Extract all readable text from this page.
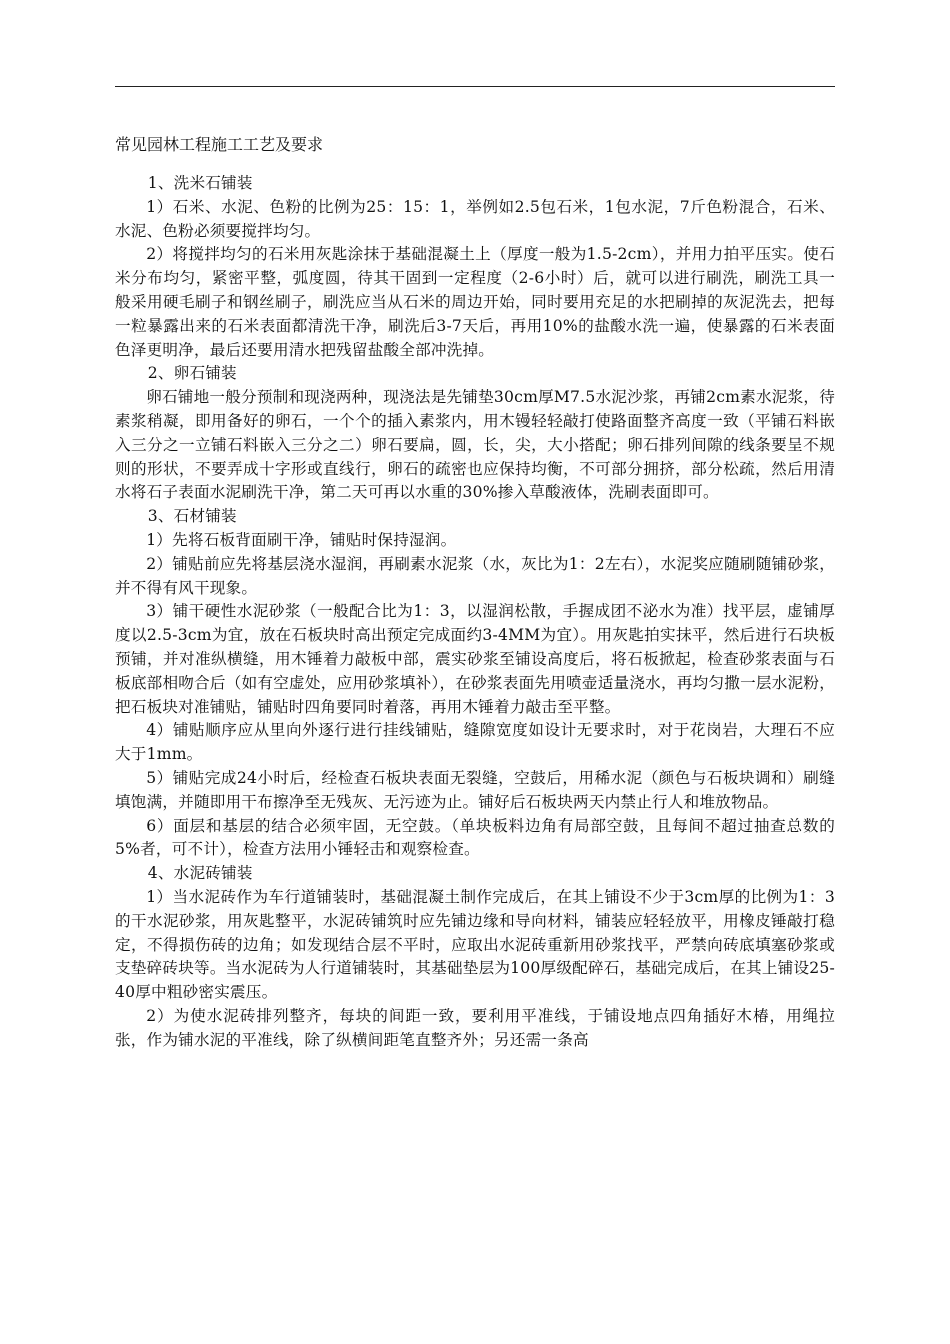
常见园林工程施工工艺及要求

1、洗米石铺装

1）石米、水泥、色粉的比例为25：15：1，举例如2.5包石米，1包水泥，7斤色粉混合，石米、水泥、色粉必须要搅拌均匀。

2）将搅拌均匀的石米用灰匙涂抹于基础混凝土上（厚度一般为1.5-2cm），并用力拍平压实。使石米分布均匀，紧密平整，弧度圆，待其干固到一定程度（2-6小时）后，就可以进行刷洗，刷洗工具一般采用硬毛刷子和钢丝刷子，刷洗应当从石米的周边开始，同时要用充足的水把刷掉的灰泥洗去，把每一粒暴露出来的石米表面都清洗干净，刷洗后3-7天后，再用10%的盐酸水洗一遍，使暴露的石米表面色泽更明净，最后还要用清水把残留盐酸全部冲洗掉。

2、卵石铺装

卵石铺地一般分预制和现浇两种，现浇法是先铺垫30cm厚M7.5水泥沙浆，再铺2cm素水泥浆，待素浆稍凝，即用备好的卵石，一个个的插入素浆内，用木镘轻轻敲打使路面整齐高度一致（平铺石料嵌入三分之一立铺石料嵌入三分之二）卵石要扁，圆，长，尖，大小搭配；卵石排列间隙的线条要呈不规则的形状，不要弄成十字形或直线行，卵石的疏密也应保持均衡，不可部分拥挤，部分松疏，然后用清水将石子表面水泥刷洗干净，第二天可再以水重的30%掺入草酸液体，洗刷表面即可。

3、石材铺装

1）先将石板背面刷干净，铺贴时保持湿润。

2）铺贴前应先将基层浇水湿润，再刷素水泥浆（水，灰比为1：2左右），水泥奖应随刷随铺砂浆，并不得有风干现象。

3）铺干硬性水泥砂浆（一般配合比为1：3，以湿润松散，手握成团不泌水为准）找平层，虚铺厚度以2.5-3cm为宜，放在石板块时高出预定完成面约3-4MM为宜）。用灰匙拍实抹平，然后进行石块板预铺，并对准纵横缝，用木锤着力敲板中部，震实砂浆至铺设高度后，将石板掀起，检查砂浆表面与石板底部相吻合后（如有空虚处，应用砂浆填补），在砂浆表面先用喷壶适量浇水，再均匀撒一层水泥粉，把石板块对准铺贴，铺贴时四角要同时着落，再用木锤着力敲击至平整。

4）铺贴顺序应从里向外逐行进行挂线铺贴，缝隙宽度如设计无要求时，对于花岗岩，大理石不应大于1mm。

5）铺贴完成24小时后，经检查石板块表面无裂缝，空鼓后，用稀水泥（颜色与石板块调和）刷缝填饱满，并随即用干布擦净至无残灰、无污迹为止。铺好后石板块两天内禁止行人和堆放物品。

6）面层和基层的结合必须牢固，无空鼓。（单块板料边角有局部空鼓，且每间不超过抽查总数的5%者，可不计），检查方法用小锤轻击和观察检查。

4、水泥砖铺装

1）当水泥砖作为车行道铺装时，基础混凝土制作完成后，在其上铺设不少于3cm厚的比例为1：3的干水泥砂浆，用灰匙整平，水泥砖铺筑时应先铺边缘和导向材料，铺装应轻轻放平，用橡皮锤敲打稳定，不得损伤砖的边角；如发现结合层不平时，应取出水泥砖重新用砂浆找平，严禁向砖底填塞砂浆或支垫碎砖块等。当水泥砖为人行道铺装时，其基础垫层为100厚级配碎石，基础完成后，在其上铺设25-40厚中粗砂密实震压。

2）为使水泥砖排列整齐，每块的间距一致，要利用平准线，于铺设地点四角插好木椿，用绳拉张，作为铺水泥的平准线，除了纵横间距笔直整齐外；另还需一条高
